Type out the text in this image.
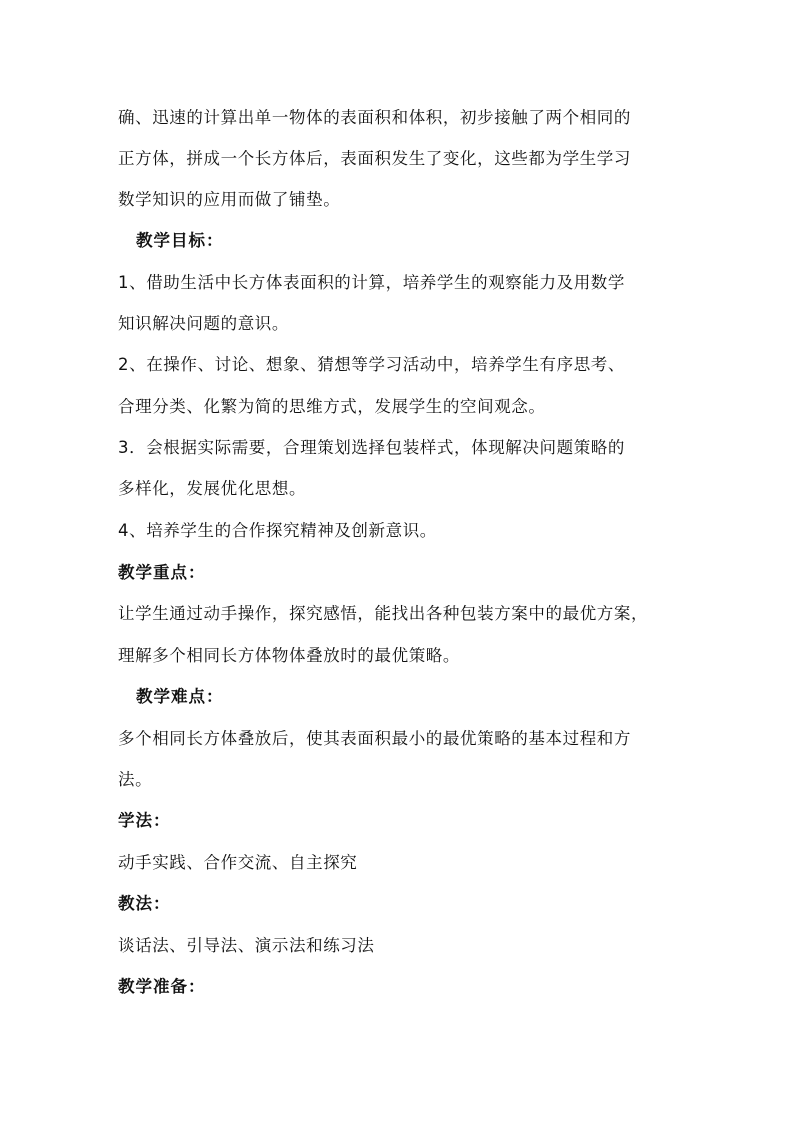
确、迅速的计算出单一物体的表面积和体积，初步接触了两个相同的
正方体，拼成一个长方体后，表面积发生了变化，这些都为学生学习
数学知识的应用而做了铺垫。
教学目标：
1、借助生活中长方体表面积的计算，培养学生的观察能力及用数学
知识解决问题的意识。
2、在操作、讨论、想象、猜想等学习活动中，培养学生有序思考、
合理分类、化繁为简的思维方式，发展学生的空间观念。
3．会根据实际需要，合理策划选择包装样式，体现解决问题策略的
多样化，发展优化思想。
4、培养学生的合作探究精神及创新意识。
教学重点：
让学生通过动手操作，探究感悟，能找出各种包装方案中的最优方案，
理解多个相同长方体物体叠放时的最优策略。
教学难点：
多个相同长方体叠放后，使其表面积最小的最优策略的基本过程和方
法。
学法：
动手实践、合作交流、自主探究
教法：
谈话法、引导法、演示法和练习法
教学准备：
